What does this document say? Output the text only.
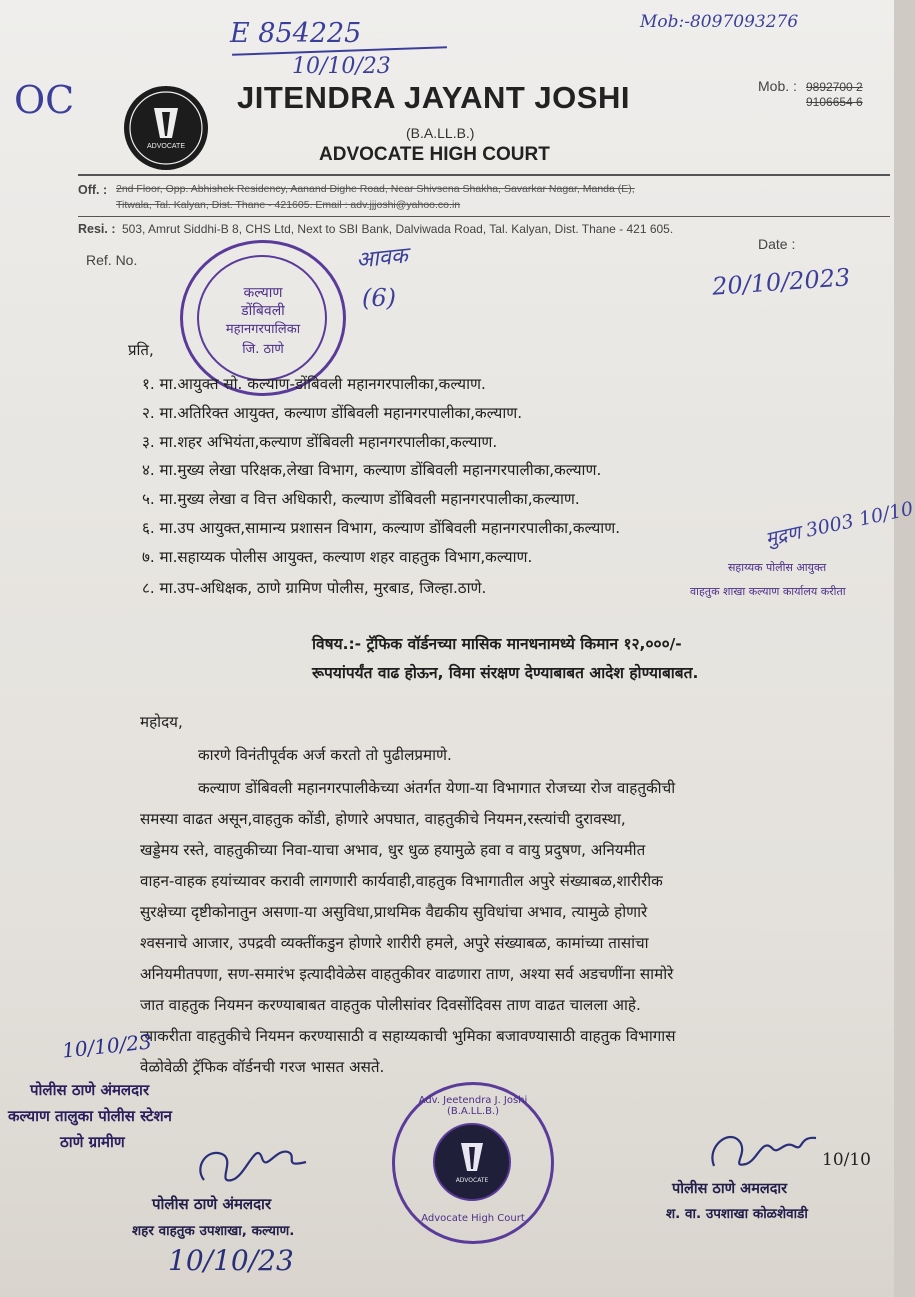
E 854225
10/10/23
OC
Mob:-8097093276
ADVOCATE
JITENDRA JAYANT JOSHI
(B.A.LL.B.)
ADVOCATE HIGH COURT
Mob. : 9892700 2
9106654 6
Off. : 2nd Floor, Opp. Abhishek Residency, Aanand Dighe Road, Near Shivsena Shakha, Savarkar Nagar, Manda (E),
Titwala, Tal. Kalyan, Dist. Thane - 421605. Email : adv.jjjoshi@yahoo.co.in
Resi. : 503, Amrut Siddhi-B 8, CHS Ltd, Next to SBI Bank, Dalviwada Road, Tal. Kalyan, Dist. Thane - 421 605.
Ref. No.
Date :
20/10/2023
कल्याण
डोंबिवली
महानगरपालिका
जि. ठाणे
आवक
(6)
प्रति,
१. मा.आयुक्त सो. कल्याण-डोंबिवली महानगरपालीका,कल्याण.
२. मा.अतिरिक्त आयुक्त, कल्याण डोंबिवली महानगरपालीका,कल्याण.
३. मा.शहर अभियंता,कल्याण डोंबिवली महानगरपालीका,कल्याण.
४. मा.मुख्य लेखा परिक्षक,लेखा विभाग, कल्याण डोंबिवली महानगरपालीका,कल्याण.
५. मा.मुख्य लेखा व वित्त अधिकारी, कल्याण डोंबिवली महानगरपालीका,कल्याण.
६. मा.उप आयुक्त,सामान्य प्रशासन विभाग, कल्याण डोंबिवली महानगरपालीका,कल्याण.
७. मा.सहाय्यक पोलीस आयुक्त, कल्याण शहर वाहतुक विभाग,कल्याण.
८. मा.उप-अधिक्षक, ठाणे ग्रामिण पोलीस, मुरबाड, जिल्हा.ठाणे.
मुद्रण 3003 10/10
सहाय्यक पोलीस आयुक्त
वाहतुक शाखा कल्याण कार्यालय करीता
विषय.:- ट्रॅफिक वॉर्डनच्या मासिक मानधनामध्ये किमान १२,०००/-
रूपयांपर्यंत वाढ होऊन, विमा संरक्षण देण्याबाबत आदेश होण्याबाबत.
महोदय,
कारणे विनंतीपूर्वक अर्ज करतो तो पुढीलप्रमाणे.
कल्याण डोंबिवली महानगरपालीकेच्या अंतर्गत येणा-या विभागात रोजच्या रोज वाहतुकीची
समस्या वाढत असून,वाहतुक कोंडी, होणारे अपघात, वाहतुकीचे नियमन,रस्त्यांची दुरावस्था,
खड्डेमय रस्ते, वाहतुकीच्या निवा-याचा अभाव, धुर धुळ हयामुळे हवा व वायु प्रदुषण, अनियमीत
वाहन-वाहक हयांच्यावर करावी लागणारी कार्यवाही,वाहतुक विभागातील अपुरे संख्याबळ,शारीरीक
सुरक्षेच्या दृष्टीकोनातुन असणा-या असुविधा,प्राथमिक वैद्यकीय सुविधांचा अभाव, त्यामुळे होणारे
श्वसनाचे आजार, उपद्रवी व्यक्तींकडुन होणारे शारीरी हमले, अपुरे संख्याबळ, कामांच्या तासांचा
अनियमीतपणा, सण-समारंभ इत्यादीवेळेस वाहतुकीवर वाढणारा ताण, अश्या सर्व अडचणींना सामोरे
जात वाहतुक नियमन करण्याबाबत वाहतुक पोलीसांवर दिवसोंदिवस ताण वाढत चालला आहे.
त्याकरीता वाहतुकीचे नियमन करण्यासाठी व सहाय्यकाची भुमिका बजावण्यासाठी वाहतुक विभागास
वेळोवेळी ट्रॅफिक वॉर्डनची गरज भासत असते.
10/10/23
पोलीस ठाणे अंमलदार
कल्याण तालुका पोलीस स्टेशन
ठाणे ग्रामीण
पोलीस ठाणे अंमलदार
शहर वाहतुक उपशाखा, कल्याण.
10/10/23
ADVOCATE
Adv. Jeetendra J. Joshi (B.A.LL.B.)
Advocate High Court
10/10
पोलीस ठाणे अमलदार
श. वा. उपशाखा कोळशेवाडी
